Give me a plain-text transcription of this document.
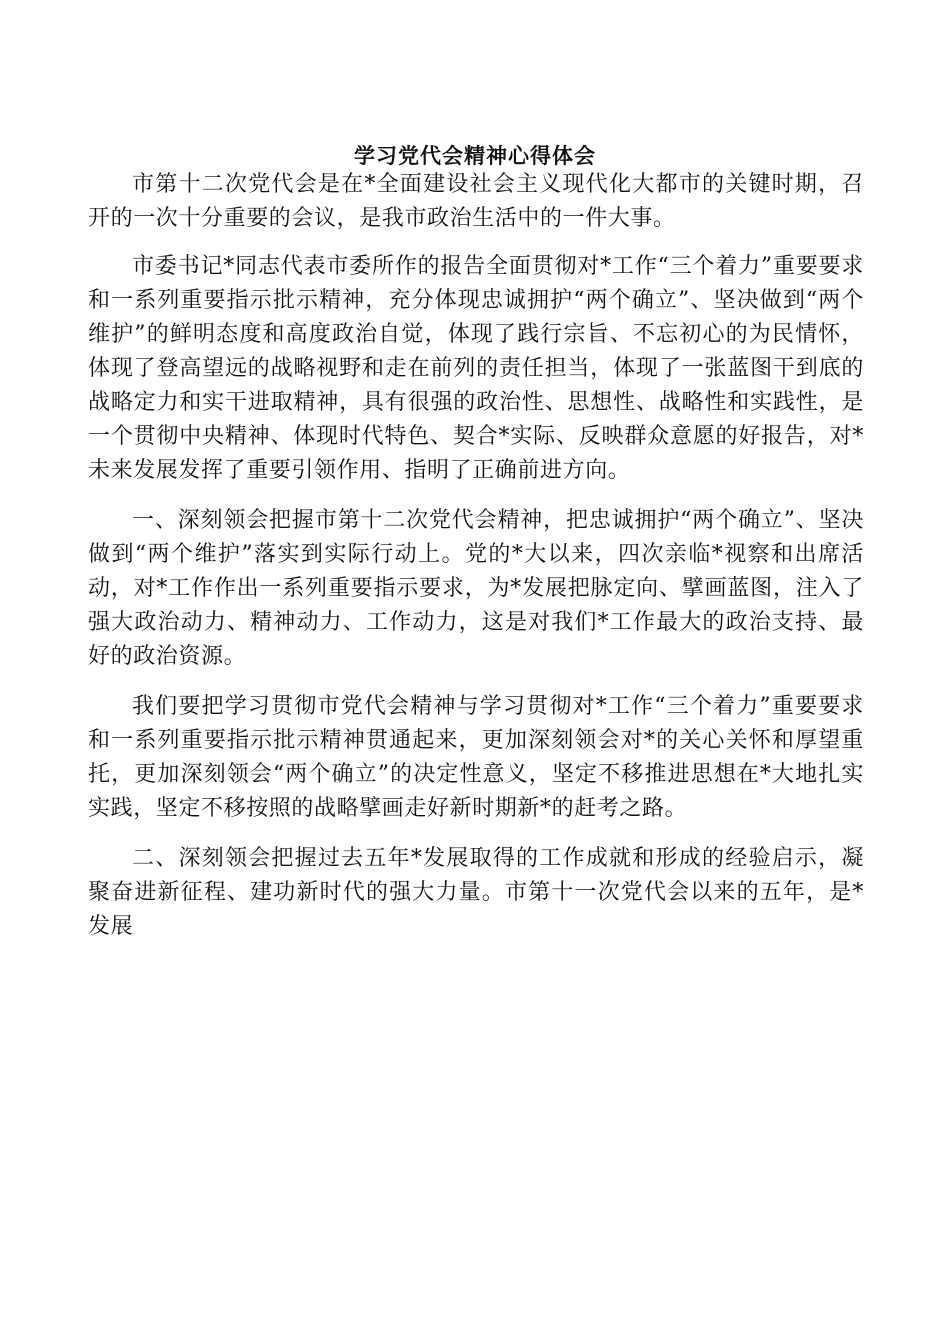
学习党代会精神心得体会

市第十二次党代会是在*全面建设社会主义现代化大都市的关键时期，召开的一次十分重要的会议，是我市政治生活中的一件大事。

市委书记*同志代表市委所作的报告全面贯彻对*工作“三个着力”重要要求和一系列重要指示批示精神，充分体现忠诚拥护“两个确立”、坚决做到“两个维护”的鲜明态度和高度政治自觉，体现了践行宗旨、不忘初心的为民情怀，体现了登高望远的战略视野和走在前列的责任担当，体现了一张蓝图干到底的战略定力和实干进取精神，具有很强的政治性、思想性、战略性和实践性，是一个贯彻中央精神、体现时代特色、契合*实际、反映群众意愿的好报告，对*未来发展发挥了重要引领作用、指明了正确前进方向。

一、深刻领会把握市第十二次党代会精神，把忠诚拥护“两个确立”、坚决做到“两个维护”落实到实际行动上。党的*大以来，四次亲临*视察和出席活动，对*工作作出一系列重要指示要求，为*发展把脉定向、擘画蓝图，注入了强大政治动力、精神动力、工作动力，这是对我们*工作最大的政治支持、最好的政治资源。

我们要把学习贯彻市党代会精神与学习贯彻对*工作“三个着力”重要要求和一系列重要指示批示精神贯通起来，更加深刻领会对*的关心关怀和厚望重托，更加深刻领会“两个确立”的决定性意义，坚定不移推进思想在*大地扎实实践，坚定不移按照的战略擘画走好新时期新*的赶考之路。

二、深刻领会把握过去五年*发展取得的工作成就和形成的经验启示，凝聚奋进新征程、建功新时代的强大力量。市第十一次党代会以来的五年，是*发展
